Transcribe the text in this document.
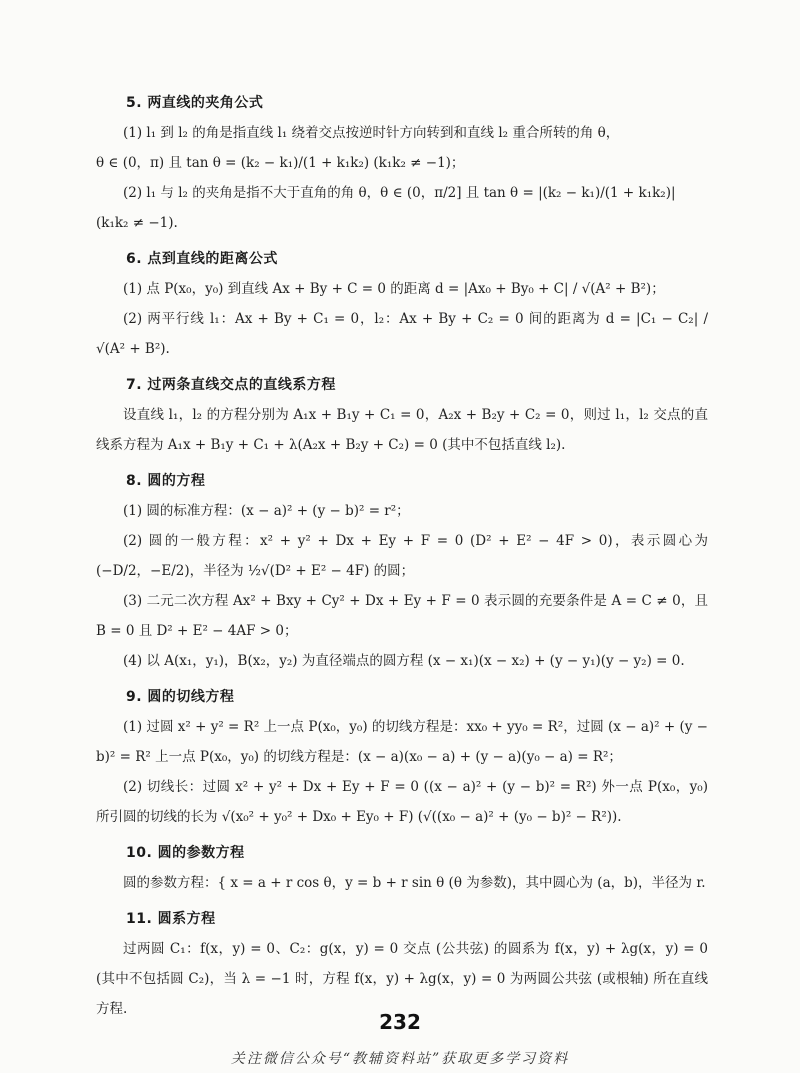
5. 两直线的夹角公式

(1) l₁ 到 l₂ 的角是指直线 l₁ 绕着交点按逆时针方向转到和直线 l₂ 重合所转的角 θ，

θ ∈ (0，π) 且 tan θ = (k₂ − k₁)/(1 + k₁k₂) (k₁k₂ ≠ −1)；

(2) l₁ 与 l₂ 的夹角是指不大于直角的角 θ，θ ∈ (0，π/2] 且 tan θ = |(k₂ − k₁)/(1 + k₁k₂)|

(k₁k₂ ≠ −1).

6. 点到直线的距离公式

(1) 点 P(x₀，y₀) 到直线 Ax + By + C = 0 的距离 d = |Ax₀ + By₀ + C| / √(A² + B²)；

(2) 两平行线 l₁：Ax + By + C₁ = 0，l₂：Ax + By + C₂ = 0 间的距离为 d = |C₁ − C₂| / √(A² + B²).

7. 过两条直线交点的直线系方程

设直线 l₁，l₂ 的方程分别为 A₁x + B₁y + C₁ = 0，A₂x + B₂y + C₂ = 0，则过 l₁，l₂ 交点的直线系方程为 A₁x + B₁y + C₁ + λ(A₂x + B₂y + C₂) = 0 (其中不包括直线 l₂).

8. 圆的方程

(1) 圆的标准方程：(x − a)² + (y − b)² = r²；

(2) 圆的一般方程：x² + y² + Dx + Ey + F = 0 (D² + E² − 4F > 0)，表示圆心为 (−D/2，−E/2)，半径为 ½√(D² + E² − 4F) 的圆；

(3) 二元二次方程 Ax² + Bxy + Cy² + Dx + Ey + F = 0 表示圆的充要条件是 A = C ≠ 0，且 B = 0 且 D² + E² − 4AF > 0；

(4) 以 A(x₁，y₁)，B(x₂，y₂) 为直径端点的圆方程 (x − x₁)(x − x₂) + (y − y₁)(y − y₂) = 0.

9. 圆的切线方程

(1) 过圆 x² + y² = R² 上一点 P(x₀，y₀) 的切线方程是：xx₀ + yy₀ = R²，过圆 (x − a)² + (y − b)² = R² 上一点 P(x₀，y₀) 的切线方程是：(x − a)(x₀ − a) + (y − a)(y₀ − a) = R²；

(2) 切线长：过圆 x² + y² + Dx + Ey + F = 0 ((x − a)² + (y − b)² = R²) 外一点 P(x₀，y₀) 所引圆的切线的长为 √(x₀² + y₀² + Dx₀ + Ey₀ + F) (√((x₀ − a)² + (y₀ − b)² − R²)).

10. 圆的参数方程

圆的参数方程：{ x = a + r cos θ，y = b + r sin θ (θ 为参数)，其中圆心为 (a，b)，半径为 r.

11. 圆系方程

过两圆 C₁：f(x，y) = 0、C₂：g(x，y) = 0 交点 (公共弦) 的圆系为 f(x，y) + λg(x，y) = 0 (其中不包括圆 C₂)，当 λ = −1 时，方程 f(x，y) + λg(x，y) = 0 为两圆公共弦 (或根轴) 所在直线方程.

232
关注微信公众号“教辅资料站”获取更多学习资料
